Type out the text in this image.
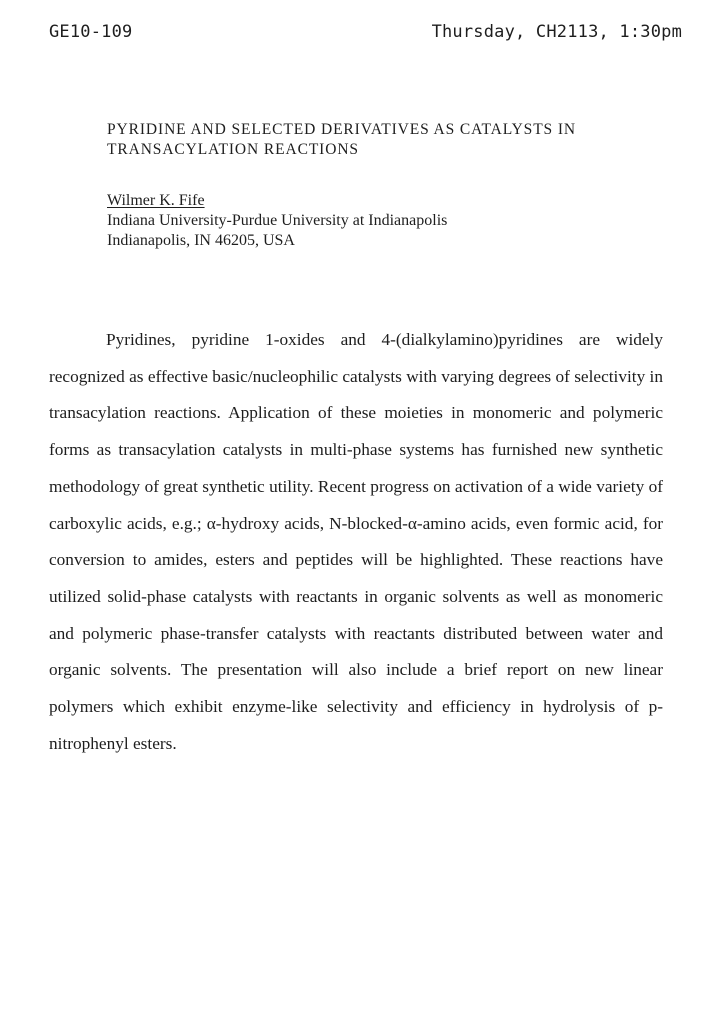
GE10-109	Thursday, CH2113, 1:30pm
PYRIDINE AND SELECTED DERIVATIVES AS CATALYSTS IN
TRANSACYLATION REACTIONS
Wilmer K. Fife
Indiana University-Purdue University at Indianapolis
Indianapolis, IN 46205, USA

Pyridines, pyridine 1-oxides and 4-(dialkylamino)pyridines are widely recognized as effective basic/nucleophilic catalysts with varying degrees of selectivity in transacylation reactions. Application of these moieties in monomeric and polymeric forms as transacylation catalysts in multi-phase systems has furnished new synthetic methodology of great synthetic utility. Recent progress on activation of a wide variety of carboxylic acids, e.g.; α-hydroxy acids, N-blocked-α-amino acids, even formic acid, for conversion to amides, esters and peptides will be highlighted. These reactions have utilized solid-phase catalysts with reactants in organic solvents as well as monomeric and polymeric phase-transfer catalysts with reactants distributed between water and organic solvents. The presentation will also include a brief report on new linear polymers which exhibit enzyme-like selectivity and efficiency in hydrolysis of p-nitrophenyl esters.
